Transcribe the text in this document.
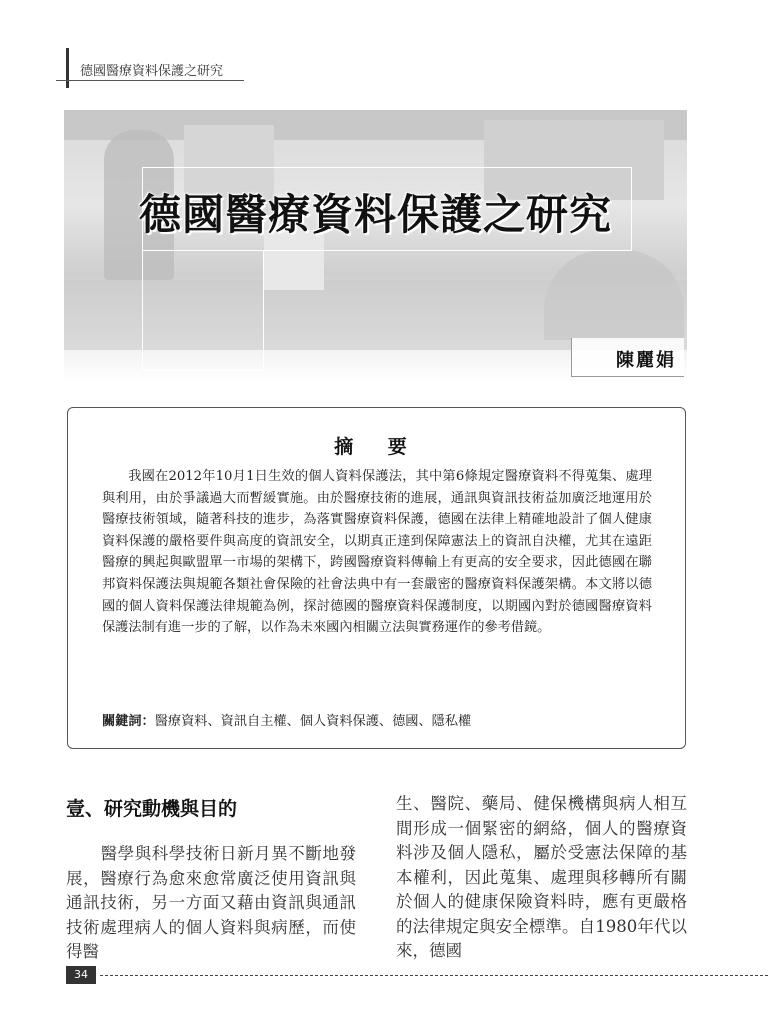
德國醫療資料保護之研究
德國醫療資料保護之研究
陳麗娟
摘 要
我國在2012年10月1日生效的個人資料保護法，其中第6條規定醫療資料不得蒐集、處理與利用，由於爭議過大而暫緩實施。由於醫療技術的進展，通訊與資訊技術益加廣泛地運用於醫療技術領域，隨著科技的進步，為落實醫療資料保護，德國在法律上精確地設計了個人健康資料保護的嚴格要件與高度的資訊安全，以期真正達到保障憲法上的資訊自決權，尤其在遠距醫療的興起與歐盟單一市場的架構下，跨國醫療資料傳輸上有更高的安全要求，因此德國在聯邦資料保護法與規範各類社會保險的社會法典中有一套嚴密的醫療資料保護架構。本文將以德國的個人資料保護法律規範為例，探討德國的醫療資料保護制度，以期國內對於德國醫療資料保護法制有進一步的了解，以作為未來國內相關立法與實務運作的參考借鏡。
關鍵詞：醫療資料、資訊自主權、個人資料保護、德國、隱私權
壹、研究動機與目的
醫學與科學技術日新月異不斷地發展，醫療行為愈來愈常廣泛使用資訊與通訊技術，另一方面又藉由資訊與通訊技術處理病人的個人資料與病歷，而使得醫
生、醫院、藥局、健保機構與病人相互間形成一個緊密的網絡，個人的醫療資料涉及個人隱私，屬於受憲法保障的基本權利，因此蒐集、處理與移轉所有關於個人的健康保險資料時，應有更嚴格的法律規定與安全標準。自1980年代以來，德國
34
